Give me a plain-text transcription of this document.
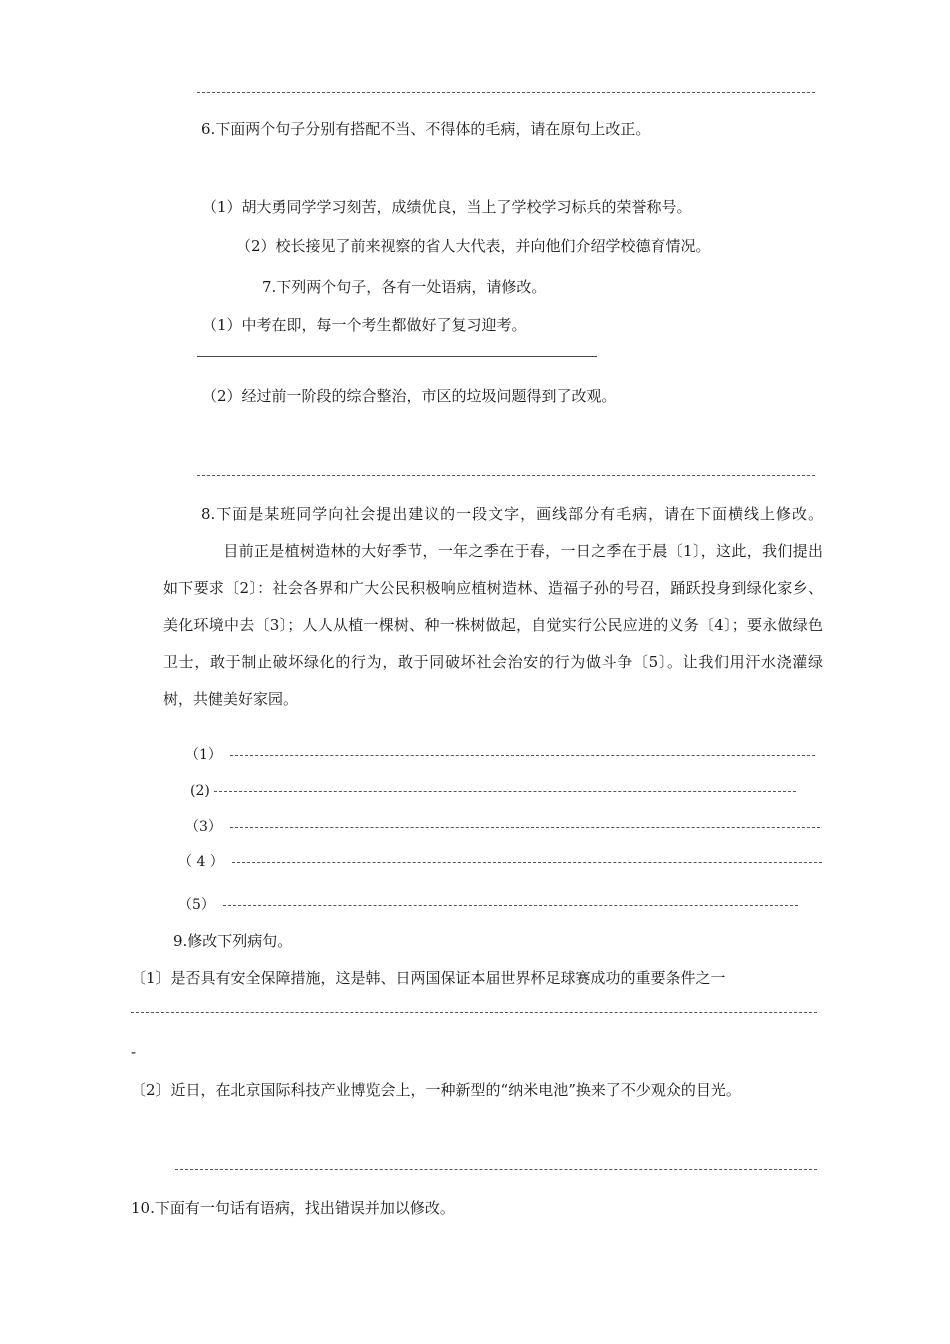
6.下面两个句子分别有搭配不当、不得体的毛病，请在原句上改正。
（1）胡大勇同学学习刻苦，成绩优良，当上了学校学习标兵的荣誉称号。
（2）校长接见了前来视察的省人大代表，并向他们介绍学校德育情况。
7.下列两个句子，各有一处语病，请修改。
（1）中考在即，每一个考生都做好了复习迎考。
（2）经过前一阶段的综合整治，市区的垃圾问题得到了改观。
8.下面是某班同学向社会提出建议的一段文字，画线部分有毛病，请在下面横线上修改。目前正是植树造林的大好季节，一年之季在于春，一日之季在于晨〔1〕，这此，我们提出如下要求〔2〕：社会各界和广大公民积极响应植树造林、造福子孙的号召，踊跃投身到绿化家乡、美化环境中去〔3〕；人人从植一棵树、种一株树做起，自觉实行公民应进的义务〔4〕；要永做绿色卫士，敢于制止破坏绿化的行为，敢于同破坏社会治安的行为做斗争〔5〕。让我们用汗水浇灌绿树，共健美好家园。
（1）
(2)
（3）
（ 4 ）
（5）
9.修改下列病句。
〔1〕是否具有安全保障措施，这是韩、日两国保证本届世界杯足球赛成功的重要条件之一
-
〔2〕近日，在北京国际科技产业博览会上，一种新型的“纳米电池”换来了不少观众的目光。
10.下面有一句话有语病，找出错误并加以修改。
